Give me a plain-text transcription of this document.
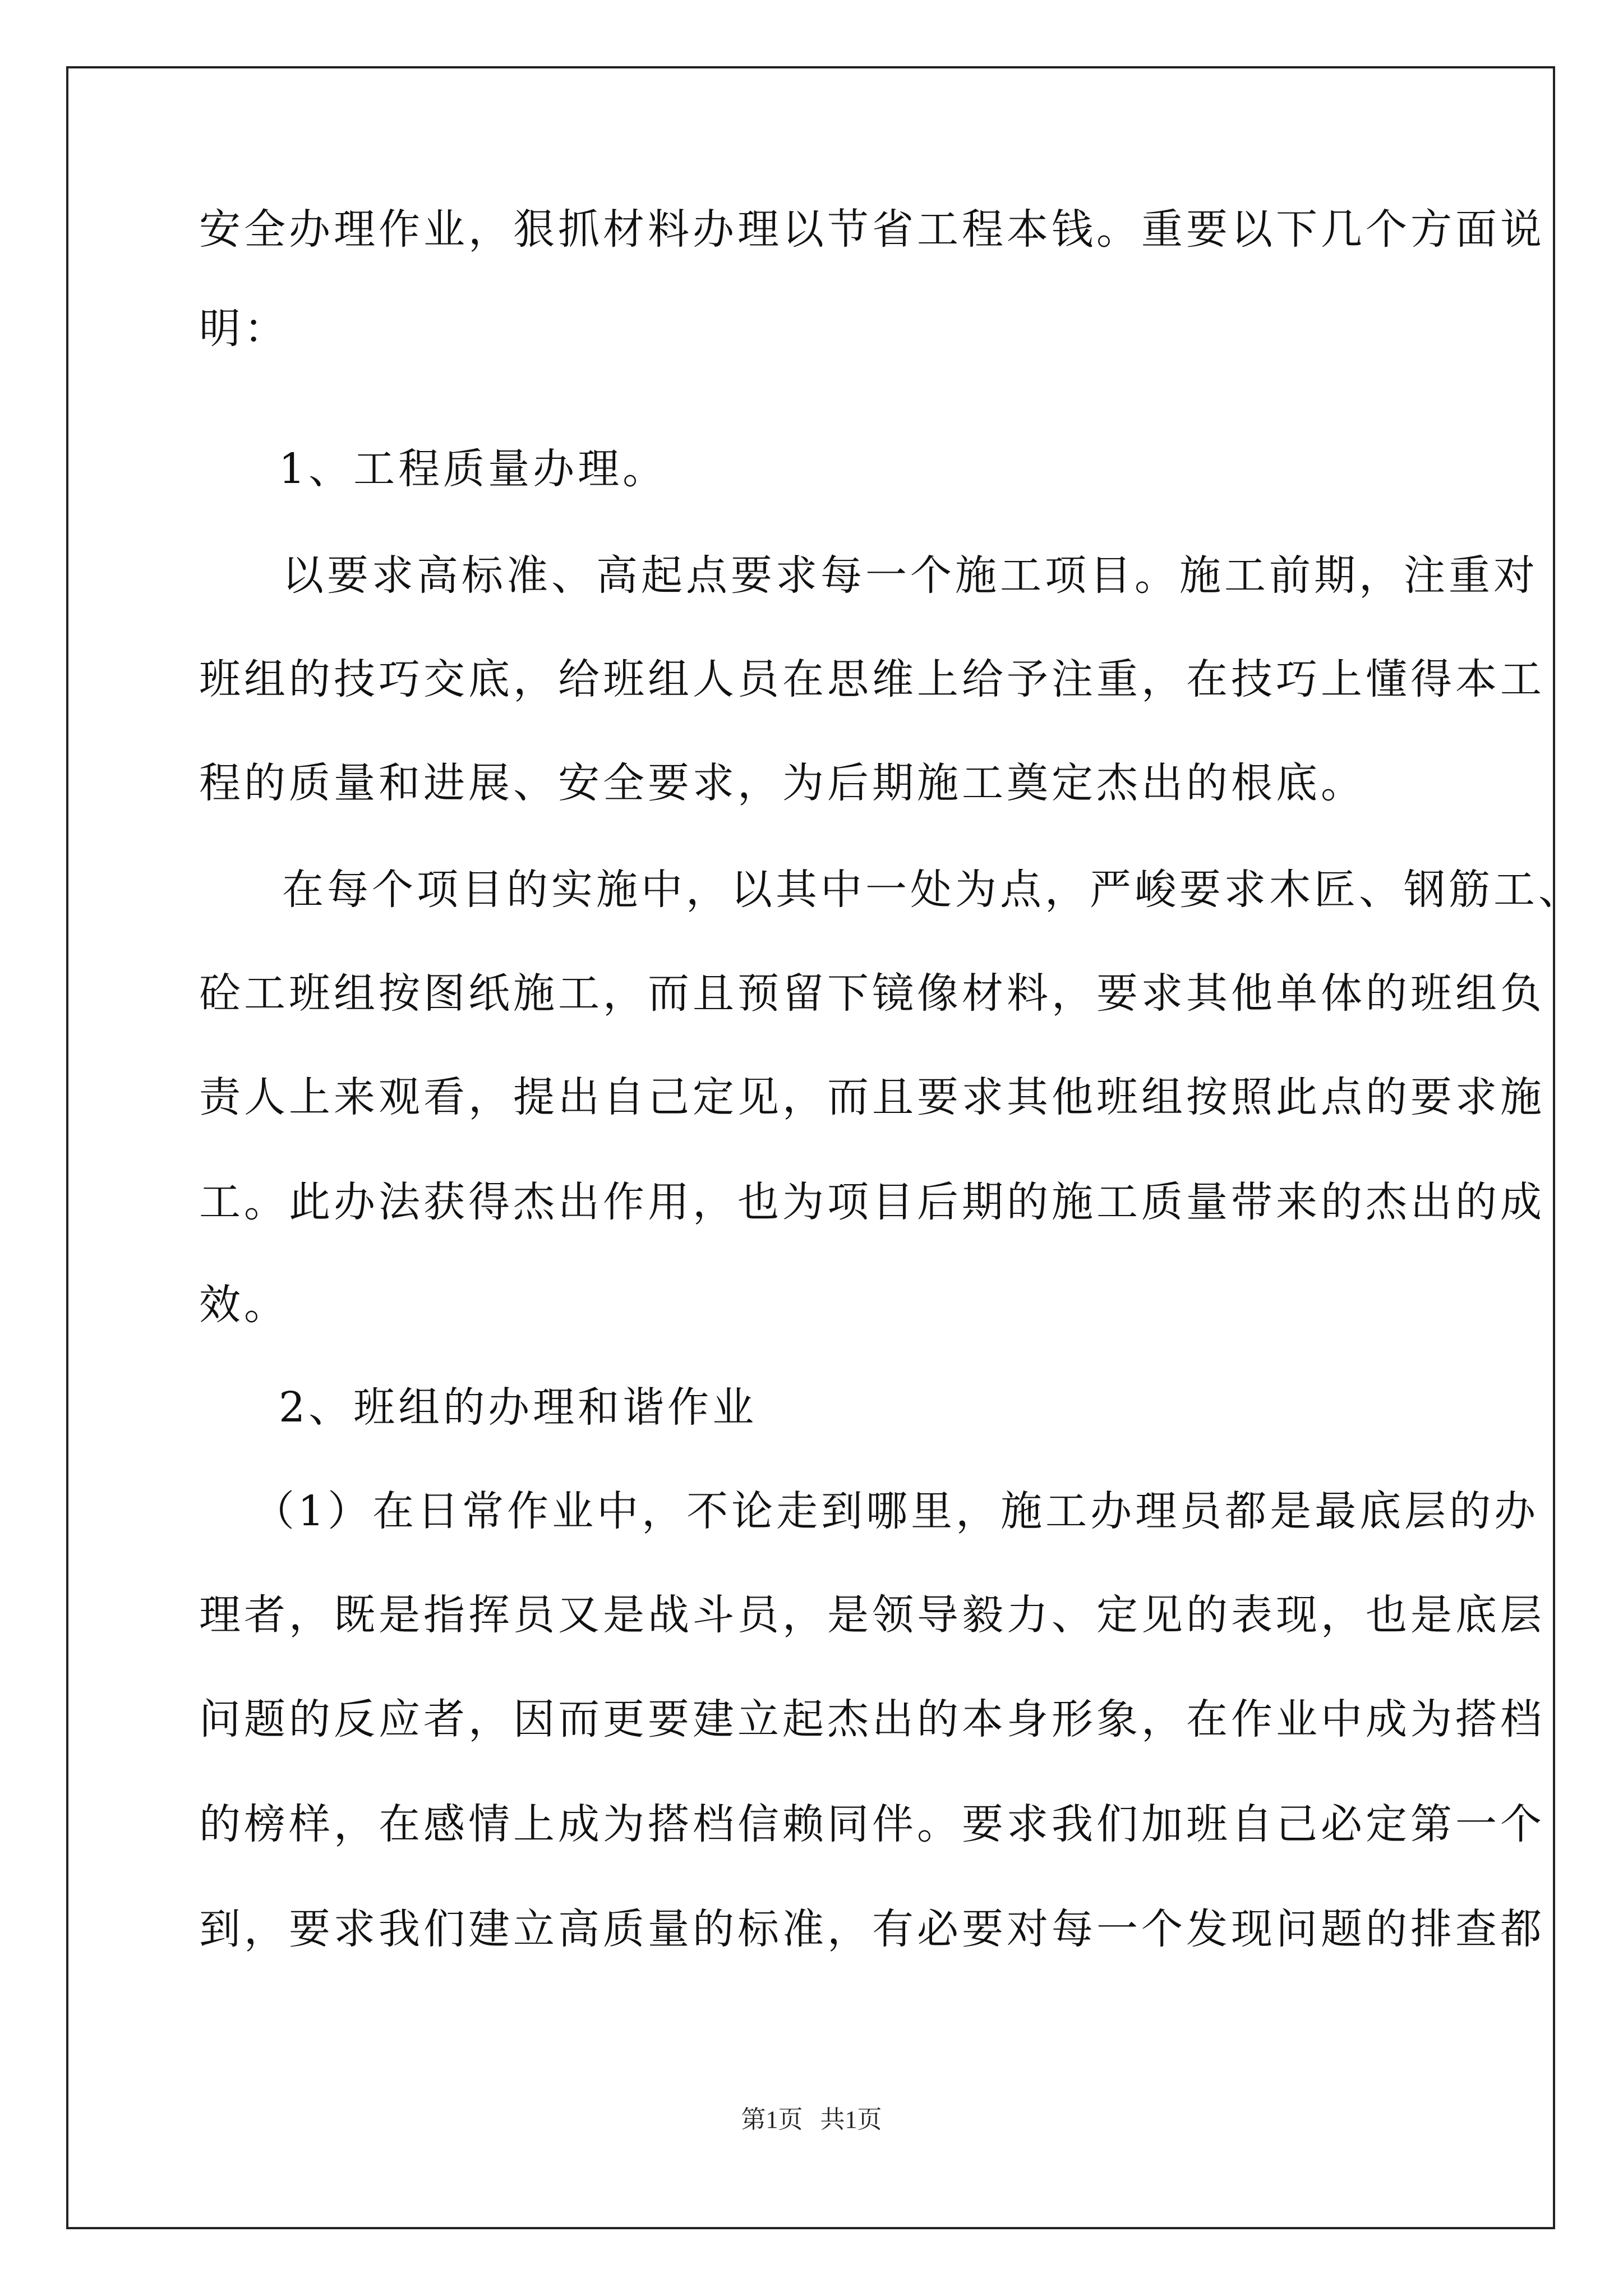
安全办理作业，狠抓材料办理以节省工程本钱。重要以下几个方面说
明：
1、工程质量办理。
以要求高标准、高起点要求每一个施工项目。施工前期，注重对
班组的技巧交底，给班组人员在思维上给予注重，在技巧上懂得本工
程的质量和进展、安全要求，为后期施工奠定杰出的根底。
在每个项目的实施中，以其中一处为点，严峻要求木匠、钢筋工、
砼工班组按图纸施工，而且预留下镜像材料，要求其他单体的班组负
责人上来观看，提出自己定见，而且要求其他班组按照此点的要求施
工。此办法获得杰出作用，也为项目后期的施工质量带来的杰出的成
效。
2、班组的办理和谐作业
（1）在日常作业中，不论走到哪里，施工办理员都是最底层的办
理者，既是指挥员又是战斗员，是领导毅力、定见的表现，也是底层
问题的反应者，因而更要建立起杰出的本身形象，在作业中成为搭档
的榜样，在感情上成为搭档信赖同伴。要求我们加班自己必定第一个
到，要求我们建立高质量的标准，有必要对每一个发现问题的排查都
第1页 共1页
